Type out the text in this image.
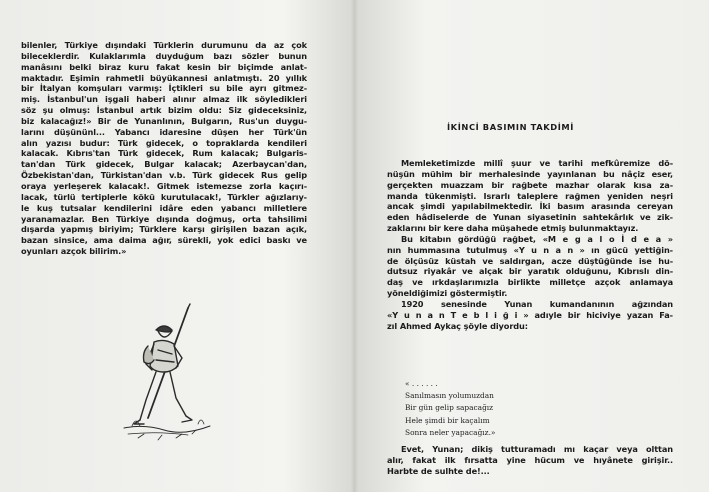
bilenler, Türkiye dışındaki Türklerin durumunu da az çok
bileceklerdir. Kulaklarımla duyduğum bazı sözler bunun
manâsını belki biraz kuru fakat kesin bir biçimde anlat-
maktadır. Eşimin rahmetli büyükannesi anlatmıştı. 20 yıllık
bir İtalyan komşuları varmış: İçtikleri su bile ayrı gitmez-
miş. İstanbul'un işgali haberi alınır almaz ilk söyledikleri
söz şu olmuş: İstanbul artık bizim oldu: Siz gideceksiniz,
biz kalacağız!» Bir de Yunanlının, Bulgarın, Rus'un duygu-
larını düşününl... Yabancı idaresine düşen her Türk'ün
alın yazısı budur: Türk gidecek, o topraklarda kendileri
kalacak. Kıbrıs'tan Türk gidecek, Rum kalacak; Bulgaris-
tan'dan Türk gidecek, Bulgar kalacak; Azerbaycan'dan,
Özbekistan'dan, Türkistan'dan v.b. Türk gidecek Rus gelip
oraya yerleşerek kalacak!. Gitmek istemezse zorla kaçırı-
lacak, türlü tertiplerle kökü kurutulacak!, Türkler ağızlarıy-
le kuş tutsalar kendilerini idâre eden yabancı milletlere
yaranamazlar. Ben Türkiye dışında doğmuş, orta tahsilimi
dışarda yapmış biriyim; Türklere karşı girişilen bazan açık,
bazan sinsice, ama daima ağır, sürekli, yok edici baskı ve
oyunları azçok bilirim.»
İKİNCİ BASIMIN TAKDİMİ
Memleketimizde millî şuur ve tarihi mefkûremize dö-
nüşün mühim bir merhalesinde yayınlanan bu nâçiz eser,
gerçekten muazzam bir rağbete mazhar olarak kısa za-
manda tükenmişti. Israrlı taleplere rağmen yeniden neşri
ancak şimdi yapılabilmektedir. İki basım arasında cereyan
eden hâdiselerde de Yunan siyasetinin sahtekârlık ve zik-
zaklarını bir kere daha müşahede etmiş bulunmaktayız.
Bu kitabın gördüğü rağbet, «M e g a l o İ d e a »
nın hummasına tutulmuş «Y u n a n » ın gücü yettiğin-
de ölçüsüz küstah ve saldırgan, acze düştüğünde ise hu-
dutsuz riyakâr ve alçak bir yaratık olduğunu, Kıbrıslı din-
daş ve ırkdaşlarımızla birlikte milletçe azçok anlamaya
yöneldiğimizi göstermiştir.
1920 senesinde Yunan kumandanının ağzından
«Y u n a n T e b l i ğ i » adıyle bir hiciviye yazan Fa-
zıl Ahmed Aykaç şöyle diyordu:
« . . . . . .
Sanılmasın yolumuzdan
Bir gün gelip sapacağız
Hele şimdi bir kaçalım
Sonra neler yapacağız.»
Evet, Yunan; dikiş tutturamadı mı kaçar veya olttan
alır, fakat ilk fırsatta yine hücum ve hıyânete girişir..
Harbte de sulhte de!...
